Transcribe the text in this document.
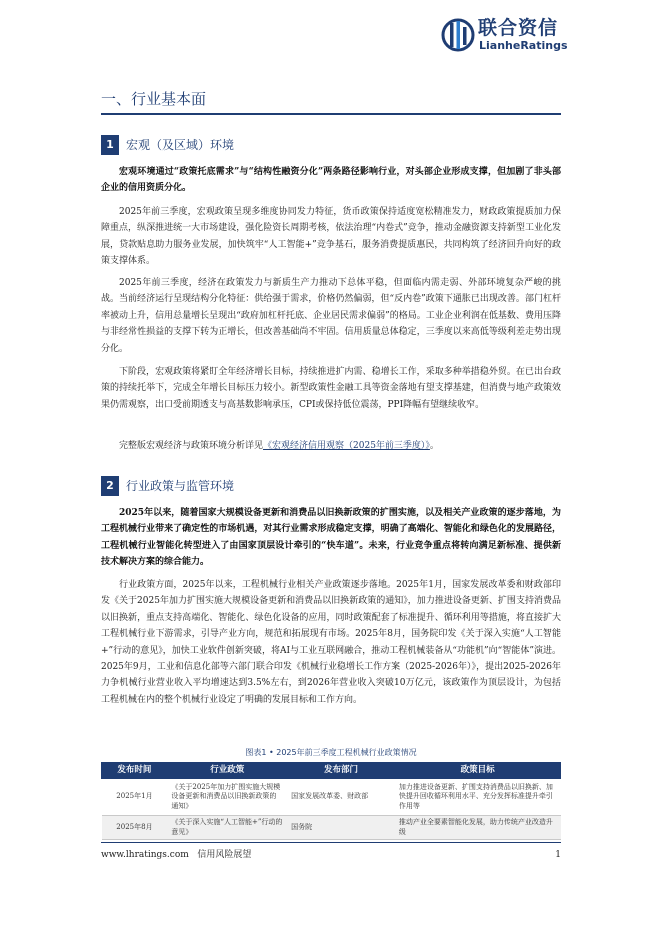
联合资信
LianheRatings
一、行业基本面
1	宏观（及区域）环境
宏观环境通过“政策托底需求”与“结构性融资分化”两条路径影响行业，对头部企业形成支撑，但加剧了非头部企业的信用资质分化。
2025年前三季度，宏观政策呈现多维度协同发力特征，货币政策保持适度宽松精准发力，财政政策提质加力保障重点，纵深推进统一大市场建设，强化险资长周期考核，依法治理“内卷式”竞争，推动金融资源支持新型工业化发展，贷款贴息助力服务业发展，加快筑牢“人工智能+”竞争基石，服务消费提质惠民，共同构筑了经济回升向好的政策支撑体系。
2025年前三季度，经济在政策发力与新质生产力推动下总体平稳，但面临内需走弱、外部环境复杂严峻的挑战。当前经济运行呈现结构分化特征：供给强于需求，价格仍然偏弱，但“反内卷”政策下通胀已出现改善。部门杠杆率被动上升，信用总量增长呈现出“政府加杠杆托底、企业居民需求偏弱”的格局。工业企业利润在低基数、费用压降与非经常性损益的支撑下转为正增长，但改善基础尚不牢固。信用质量总体稳定，三季度以来高低等级利差走势出现分化。
下阶段，宏观政策将紧盯全年经济增长目标，持续推进扩内需、稳增长工作，采取多种举措稳外贸。在已出台政策的持续托举下，完成全年增长目标压力较小。新型政策性金融工具等资金落地有望支撑基建，但消费与地产政策效果仍需观察，出口受前期透支与高基数影响承压，CPI或保持低位震荡，PPI降幅有望继续收窄。
完整版宏观经济与政策环境分析详见《宏观经济信用观察（2025年前三季度）》。
2	行业政策与监管环境
2025年以来，随着国家大规模设备更新和消费品以旧换新政策的扩围实施，以及相关产业政策的逐步落地，为工程机械行业带来了确定性的市场机遇，对其行业需求形成稳定支撑，明确了高端化、智能化和绿色化的发展路径，工程机械行业智能化转型进入了由国家顶层设计牵引的“快车道”。未来，行业竞争重点将转向满足新标准、提供新技术解决方案的综合能力。
行业政策方面，2025年以来，工程机械行业相关产业政策逐步落地。2025年1月，国家发展改革委和财政部印发《关于2025年加力扩围实施大规模设备更新和消费品以旧换新政策的通知》，加力推进设备更新、扩围支持消费品以旧换新，重点支持高端化、智能化、绿色化设备的应用，同时政策配套了标准提升、循环利用等措施，将直接扩大工程机械行业下游需求，引导产业方向，规范和拓展现有市场。2025年8月，国务院印发《关于深入实施“人工智能+”行动的意见》，加快工业软件创新突破，将AI与工业互联网融合，推动工程机械装备从“功能机”向“智能体”演进。2025年9月，工业和信息化部等六部门联合印发《机械行业稳增长工作方案（2025-2026年）》，提出2025-2026年力争机械行业营业收入平均增速达到3.5%左右，到2026年营业收入突破10万亿元，该政策作为顶层设计，为包括工程机械在内的整个机械行业设定了明确的发展目标和工作方向。
图表1 • 2025年前三季度工程机械行业政策情况
发布时间	行业政策	发布部门	政策目标
2025年1月	《关于2025年加力扩围实施大规模设备更新和消费品以旧换新政策的通知》	国家发展改革委、财政部	加力推进设备更新、扩围支持消费品以旧换新、加快提升回收循环利用水平、充分发挥标准提升牵引作用等
2025年8月	《关于深入实施“人工智能+”行动的意见》	国务院	推动产业全要素智能化发展，助力传统产业改造升级
www.lhratings.com 信用风险展望	1
